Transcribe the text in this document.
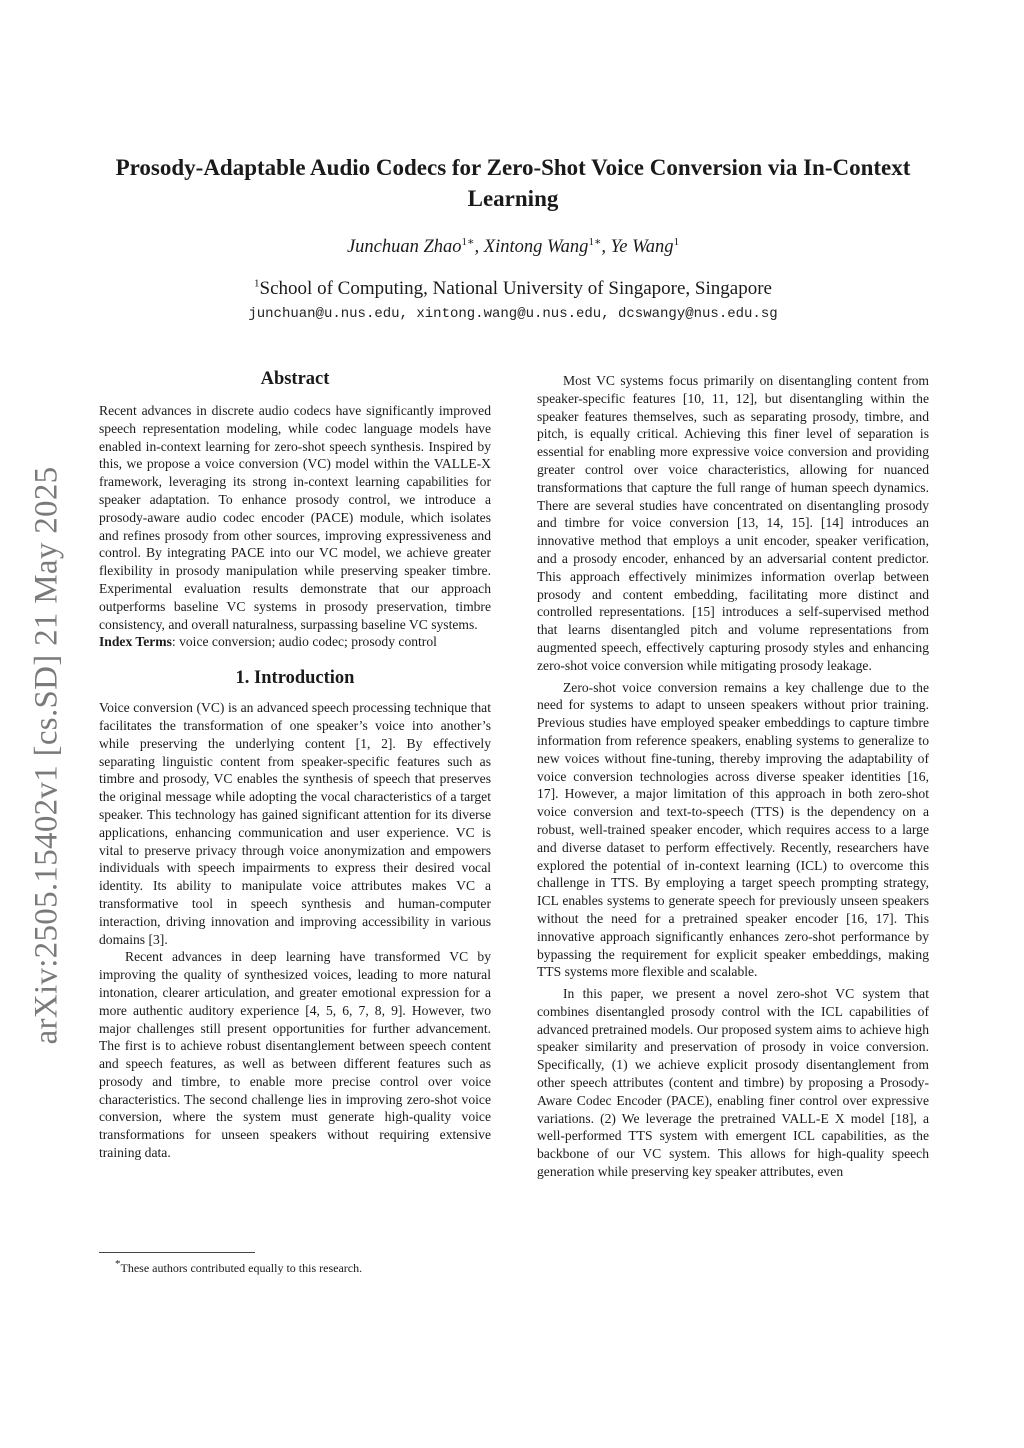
arXiv:2505.15402v1 [cs.SD] 21 May 2025
Prosody-Adaptable Audio Codecs for Zero-Shot Voice Conversion via In-Context Learning
Junchuan Zhao$^{1∗}$, Xintong Wang$^{1∗}$, Ye Wang$^1$
$^1$School of Computing, National University of Singapore, Singapore
junchuan@u.nus.edu, xintong.wang@u.nus.edu, dcswangy@nus.edu.sg
Abstract

Recent advances in discrete audio codecs have significantly improved speech representation modeling, while codec language models have enabled in-context learning for zero-shot speech synthesis. Inspired by this, we propose a voice conversion (VC) model within the VALLE-X framework, leveraging its strong in-context learning capabilities for speaker adaptation. To enhance prosody control, we introduce a prosody-aware audio codec encoder (PACE) module, which isolates and refines prosody from other sources, improving expressiveness and control. By integrating PACE into our VC model, we achieve greater flexibility in prosody manipulation while preserving speaker timbre. Experimental evaluation results demonstrate that our approach outperforms baseline VC systems in prosody preservation, timbre consistency, and overall naturalness, surpassing baseline VC systems.

Index Terms: voice conversion; audio codec; prosody control

1. Introduction

Voice conversion (VC) is an advanced speech processing technique that facilitates the transformation of one speaker’s voice into another’s while preserving the underlying content [1, 2]. By effectively separating linguistic content from speaker-specific features such as timbre and prosody, VC enables the synthesis of speech that preserves the original message while adopting the vocal characteristics of a target speaker. This technology has gained significant attention for its diverse applications, enhancing communication and user experience. VC is vital to preserve privacy through voice anonymization and empowers individuals with speech impairments to express their desired vocal identity. Its ability to manipulate voice attributes makes VC a transformative tool in speech synthesis and human-computer interaction, driving innovation and improving accessibility in various domains [3].

Recent advances in deep learning have transformed VC by improving the quality of synthesized voices, leading to more natural intonation, clearer articulation, and greater emotional expression for a more authentic auditory experience [4, 5, 6, 7, 8, 9]. However, two major challenges still present opportunities for further advancement. The first is to achieve robust disentanglement between speech content and speech features, as well as between different features such as prosody and timbre, to enable more precise control over voice characteristics. The second challenge lies in improving zero-shot voice conversion, where the system must generate high-quality voice transformations for unseen speakers without requiring extensive training data.

Most VC systems focus primarily on disentangling content from speaker-specific features [10, 11, 12], but disentangling within the speaker features themselves, such as separating prosody, timbre, and pitch, is equally critical. Achieving this finer level of separation is essential for enabling more expressive voice conversion and providing greater control over voice characteristics, allowing for nuanced transformations that capture the full range of human speech dynamics. There are several studies have concentrated on disentangling prosody and timbre for voice conversion [13, 14, 15]. [14] introduces an innovative method that employs a unit encoder, speaker verification, and a prosody encoder, enhanced by an adversarial content predictor. This approach effectively minimizes information overlap between prosody and content embedding, facilitating more distinct and controlled representations. [15] introduces a self-supervised method that learns disentangled pitch and volume representations from augmented speech, effectively capturing prosody styles and enhancing zero-shot voice conversion while mitigating prosody leakage.

Zero-shot voice conversion remains a key challenge due to the need for systems to adapt to unseen speakers without prior training. Previous studies have employed speaker embeddings to capture timbre information from reference speakers, enabling systems to generalize to new voices without fine-tuning, thereby improving the adaptability of voice conversion technologies across diverse speaker identities [16, 17]. However, a major limitation of this approach in both zero-shot voice conversion and text-to-speech (TTS) is the dependency on a robust, well-trained speaker encoder, which requires access to a large and diverse dataset to perform effectively. Recently, researchers have explored the potential of in-context learning (ICL) to overcome this challenge in TTS. By employing a target speech prompting strategy, ICL enables systems to generate speech for previously unseen speakers without the need for a pretrained speaker encoder [16, 17]. This innovative approach significantly enhances zero-shot performance by bypassing the requirement for explicit speaker embeddings, making TTS systems more flexible and scalable.

In this paper, we present a novel zero-shot VC system that combines disentangled prosody control with the ICL capabilities of advanced pretrained models. Our proposed system aims to achieve high speaker similarity and preservation of prosody in voice conversion. Specifically, (1) we achieve explicit prosody disentanglement from other speech attributes (content and timbre) by proposing a Prosody-Aware Codec Encoder (PACE), enabling finer control over expressive variations. (2) We leverage the pretrained VALL-E X model [18], a well-performed TTS system with emergent ICL capabilities, as the backbone of our VC system. This allows for high-quality speech generation while preserving key speaker attributes, even

*These authors contributed equally to this research.
